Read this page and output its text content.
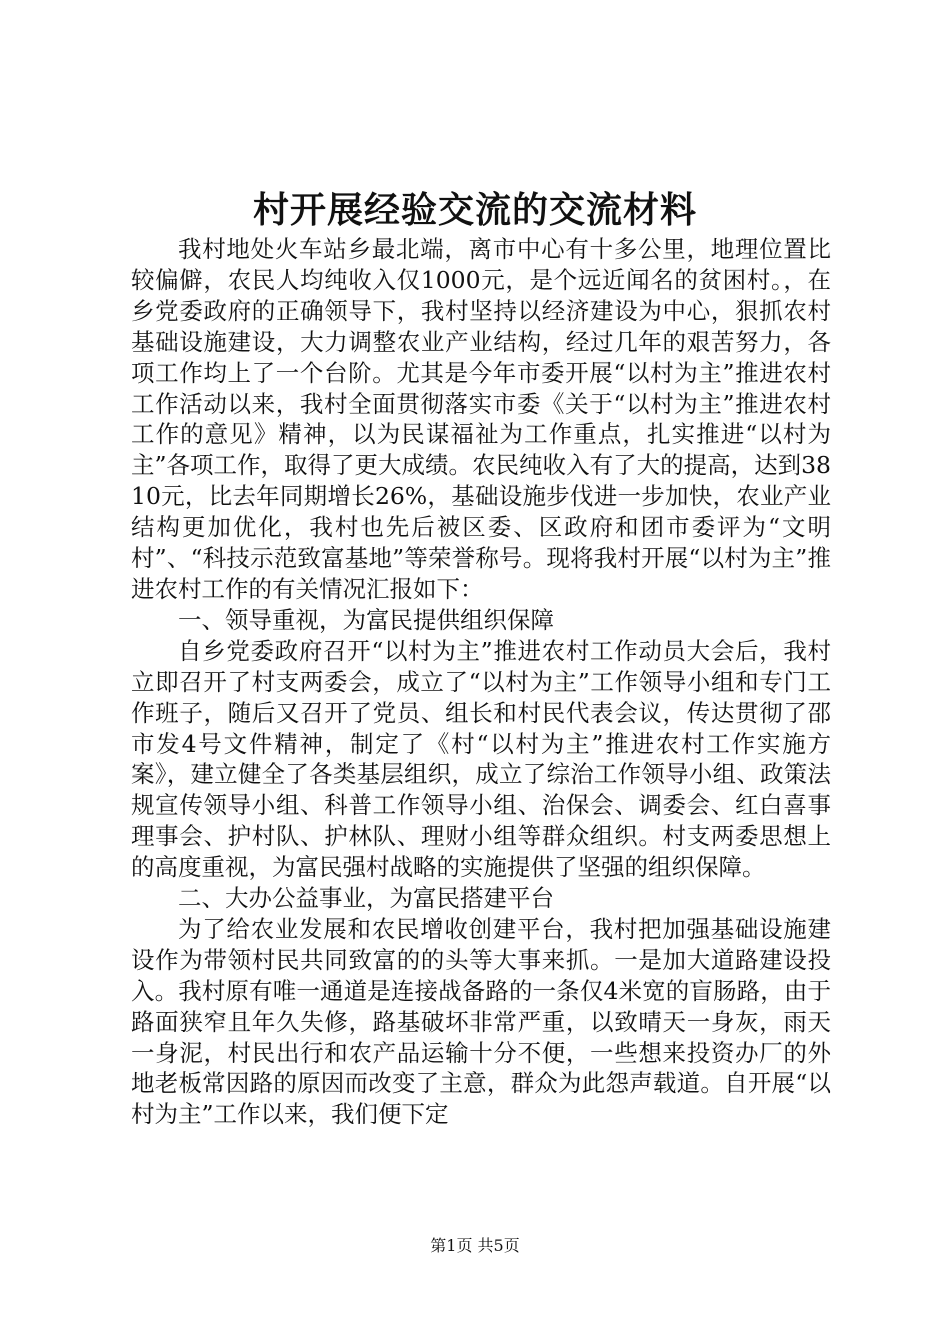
村开展经验交流的交流材料

我村地处火车站乡最北端，离市中心有十多公里，地理位置比较偏僻，农民人均纯收入仅1000元，是个远近闻名的贫困村。，在乡党委政府的正确领导下，我村坚持以经济建设为中心，狠抓农村基础设施建设，大力调整农业产业结构，经过几年的艰苦努力，各项工作均上了一个台阶。尤其是今年市委开展“以村为主”推进农村工作活动以来，我村全面贯彻落实市委《关于“以村为主”推进农村工作的意见》精神，以为民谋福祉为工作重点，扎实推进“以村为主”各项工作，取得了更大成绩。农民纯收入有了大的提高，达到3810元，比去年同期增长26%，基础设施步伐进一步加快，农业产业结构更加优化，我村也先后被区委、区政府和团市委评为“文明村”、“科技示范致富基地”等荣誉称号。现将我村开展“以村为主”推进农村工作的有关情况汇报如下：

一、领导重视，为富民提供组织保障

自乡党委政府召开“以村为主”推进农村工作动员大会后，我村立即召开了村支两委会，成立了“以村为主”工作领导小组和专门工作班子，随后又召开了党员、组长和村民代表会议，传达贯彻了邵市发4号文件精神，制定了《村“以村为主”推进农村工作实施方案》，建立健全了各类基层组织，成立了综治工作领导小组、政策法规宣传领导小组、科普工作领导小组、治保会、调委会、红白喜事理事会、护村队、护林队、理财小组等群众组织。村支两委思想上的高度重视，为富民强村战略的实施提供了坚强的组织保障。

二、大办公益事业，为富民搭建平台

为了给农业发展和农民增收创建平台，我村把加强基础设施建设作为带领村民共同致富的的头等大事来抓。一是加大道路建设投入。我村原有唯一通道是连接战备路的一条仅4米宽的盲肠路，由于路面狭窄且年久失修，路基破坏非常严重，以致晴天一身灰，雨天一身泥，村民出行和农产品运输十分不便，一些想来投资办厂的外地老板常因路的原因而改变了主意，群众为此怨声载道。自开展“以村为主”工作以来，我们便下定

第1页 共5页
